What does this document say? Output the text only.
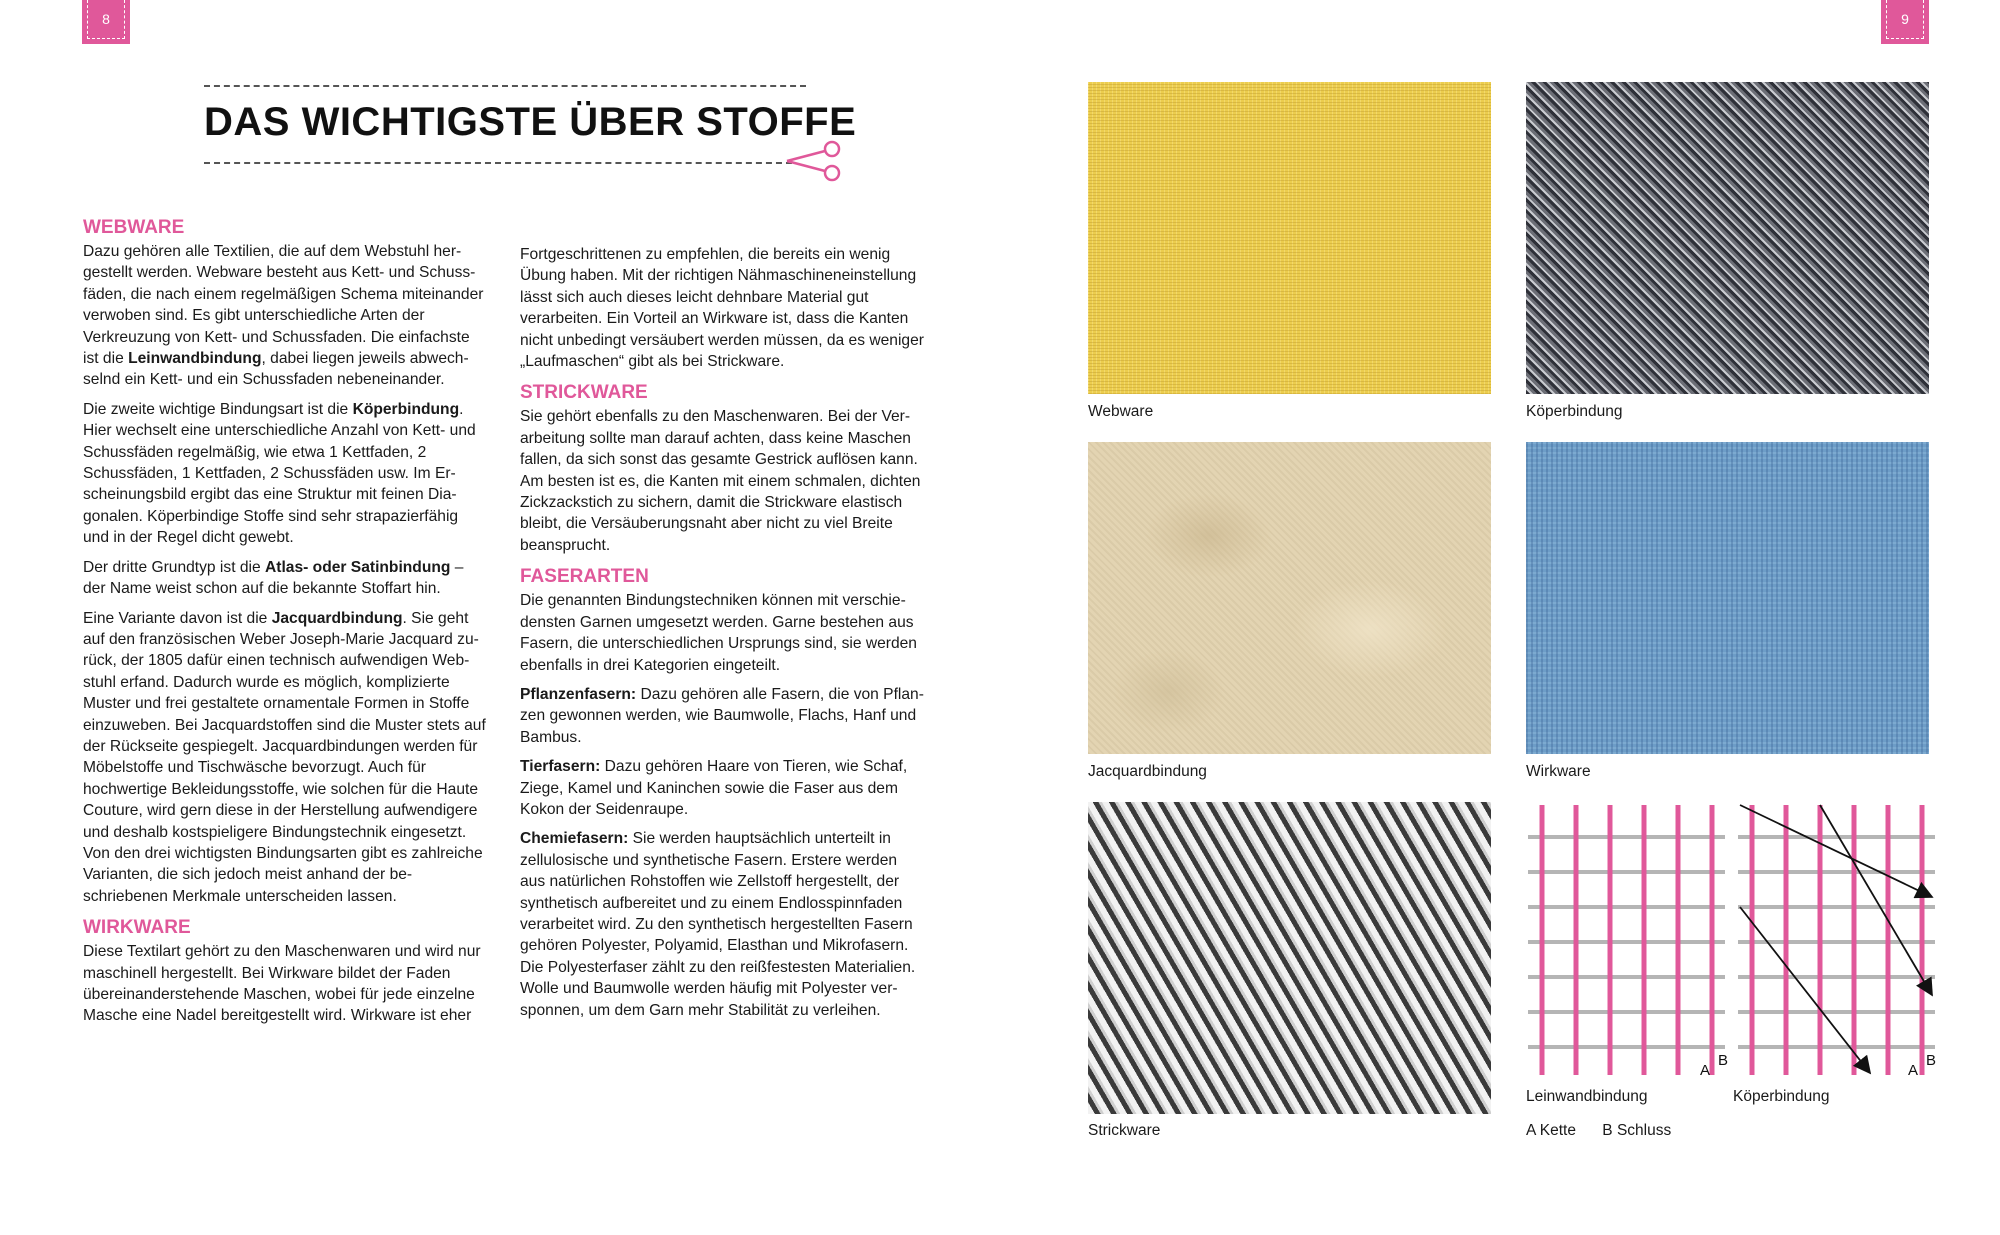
8	9
DAS WICHTIGSTE ÜBER STOFFE
WEBWARE

Dazu gehören alle Textilien, die auf dem Webstuhl hergestellt werden. Webware besteht aus Kett- und Schussfäden, die nach einem regelmäßigen Schema miteinander verwoben sind. Es gibt unterschiedliche Arten der Verkreuzung von Kett- und Schussfaden. Die einfachste ist die Leinwandbindung, dabei liegen jeweils abwechselnd ein Kett- und ein Schussfaden nebeneinander.

Die zweite wichtige Bindungsart ist die Köperbindung. Hier wechselt eine unterschiedliche Anzahl von Kett- und Schussfäden regelmäßig, wie etwa 1 Kettfaden, 2 Schussfäden, 1 Kettfaden, 2 Schussfäden usw. Im Erscheinungsbild ergibt das eine Struktur mit feinen Diagonalen. Köperbindige Stoffe sind sehr strapazierfähig und in der Regel dicht gewebt.

Der dritte Grundtyp ist die Atlas- oder Satinbindung – der Name weist schon auf die bekannte Stoffart hin.

Eine Variante davon ist die Jacquardbindung. Sie geht auf den französischen Weber Joseph-Marie Jacquard zurück, der 1805 dafür einen technisch aufwendigen Webstuhl erfand. Dadurch wurde es möglich, komplizierte Muster und frei gestaltete ornamentale Formen in Stoffe einzuweben. Bei Jacquardstoffen sind die Muster stets auf der Rückseite gespiegelt. Jacquardbindungen werden für Möbelstoffe und Tischwäsche bevorzugt. Auch für hochwertige Bekleidungsstoffe, wie solchen für die Haute Couture, wird gern diese in der Herstellung aufwendigere und deshalb kostspieligere Bindungstechnik eingesetzt. Von den drei wichtigsten Bindungsarten gibt es zahlreiche Varianten, die sich jedoch meist anhand der beschriebenen Merkmale unterscheiden lassen.

WIRKWARE

Diese Textilart gehört zu den Maschenwaren und wird nur maschinell hergestellt. Bei Wirkware bildet der Faden übereinanderstehende Maschen, wobei für jede einzelne Masche eine Nadel bereitgestellt wird. Wirkware ist eher

Fortgeschrittenen zu empfehlen, die bereits ein wenig Übung haben. Mit der richtigen Nähmaschineneinstellung lässt sich auch dieses leicht dehnbare Material gut verarbeiten. Ein Vorteil an Wirkware ist, dass die Kanten nicht unbedingt versäubert werden müssen, da es weniger „Laufmaschen“ gibt als bei Strickware.

STRICKWARE

Sie gehört ebenfalls zu den Maschenwaren. Bei der Verarbeitung sollte man darauf achten, dass keine Maschen fallen, da sich sonst das gesamte Gestrick auflösen kann. Am besten ist es, die Kanten mit einem schmalen, dichten Zickzackstich zu sichern, damit die Strickware elastisch bleibt, die Versäuberungsnaht aber nicht zu viel Breite beansprucht.

FASERARTEN

Die genannten Bindungstechniken können mit verschiedensten Garnen umgesetzt werden. Garne bestehen aus Fasern, die unterschiedlichen Ursprungs sind, sie werden ebenfalls in drei Kategorien eingeteilt.

Pflanzenfasern: Dazu gehören alle Fasern, die von Pflanzen gewonnen werden, wie Baumwolle, Flachs, Hanf und Bambus.

Tierfasern: Dazu gehören Haare von Tieren, wie Schaf, Ziege, Kamel und Kaninchen sowie die Faser aus dem Kokon der Seidenraupe.

Chemiefasern: Sie werden hauptsächlich unterteilt in zellulosische und synthetische Fasern. Erstere werden aus natürlichen Rohstoffen wie Zellstoff hergestellt, der synthetisch aufbereitet und zu einem Endlosspinnfaden verarbeitet wird. Zu den synthetisch hergestellten Fasern gehören Polyester, Polyamid, Elasthan und Mikrofasern. Die Polyesterfaser zählt zu den reißfestesten Materialien. Wolle und Baumwolle werden häufig mit Polyester versponnen, um dem Garn mehr Stabilität zu verleihen.

Webware	Köperbindung
Jacquardbindung	Wirkware
Strickware
A
B
A
B
Leinwandbindung	Köperbindung
A Kette B Schluss
